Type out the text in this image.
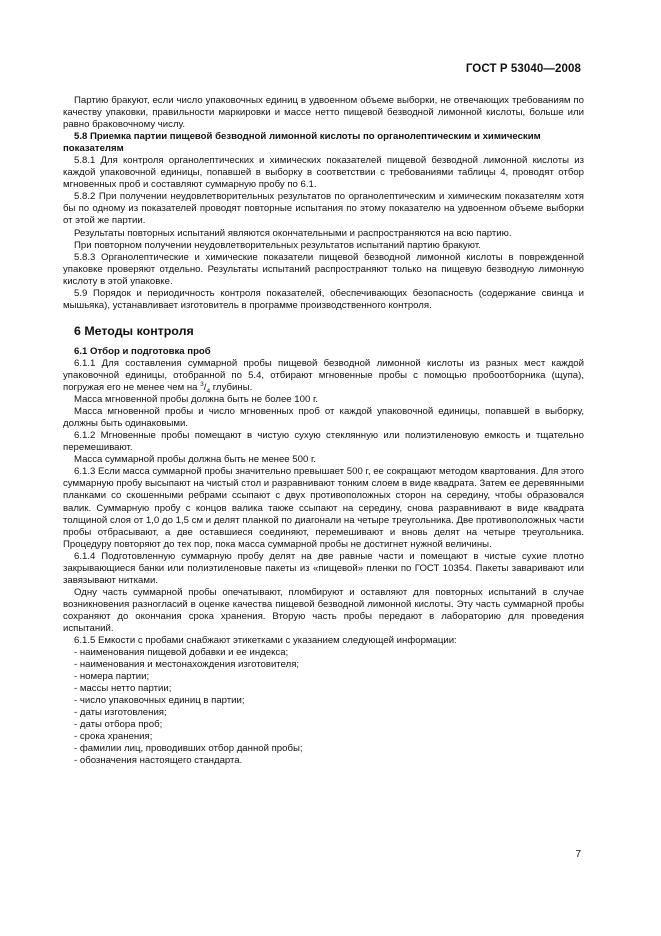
ГОСТ Р 53040—2008

Партию бракуют, если число упаковочных единиц в удвоенном объеме выборки, не отвечающих требованиям по качеству упаковки, правильности маркировки и массе нетто пищевой безводной лимонной кислоты, больше или равно браковочному числу.

5.8 Приемка партии пищевой безводной лимонной кислоты по органолептическим и химическим показателям

5.8.1 Для контроля органолептических и химических показателей пищевой безводной лимонной кислоты из каждой упаковочной единицы, попавшей в выборку в соответствии с требованиями таблицы 4, проводят отбор мгновенных проб и составляют суммарную пробу по 6.1.

5.8.2 При получении неудовлетворительных результатов по органолептическим и химическим показателям хотя бы по одному из показателей проводят повторные испытания по этому показателю на удвоенном объеме выборки от этой же партии.

Результаты повторных испытаний являются окончательными и распространяются на всю партию.

При повторном получении неудовлетворительных результатов испытаний партию бракуют.

5.8.3 Органолептические и химические показатели пищевой безводной лимонной кислоты в поврежденной упаковке проверяют отдельно. Результаты испытаний распространяют только на пищевую безводную лимонную кислоту в этой упаковке.

5.9 Порядок и периодичность контроля показателей, обеспечивающих безопасность (содержание свинца и мышьяка), устанавливает изготовитель в программе производственного контроля.

6 Методы контроля

6.1 Отбор и подготовка проб

6.1.1 Для составления суммарной пробы пищевой безводной лимонной кислоты из разных мест каждой упаковочной единицы, отобранной по 5.4, отбирают мгновенные пробы с помощью пробоотборника (щупа), погружая его не менее чем на $^3/_4$ глубины.

Масса мгновенной пробы должна быть не более 100 г.

Масса мгновенной пробы и число мгновенных проб от каждой упаковочной единицы, попавшей в выборку, должны быть одинаковыми.

6.1.2 Мгновенные пробы помещают в чистую сухую стеклянную или полиэтиленовую емкость и тщательно перемешивают.

Масса суммарной пробы должна быть не менее 500 г.

6.1.3 Если масса суммарной пробы значительно превышает 500 г, ее сокращают методом квартования. Для этого суммарную пробу высыпают на чистый стол и разравнивают тонким слоем в виде квадрата. Затем ее деревянными планками со скошенными ребрами ссыпают с двух противоположных сторон на середину, чтобы образовался валик. Суммарную пробу с концов валика также ссыпают на середину, снова разравнивают в виде квадрата толщиной слоя от 1,0 до 1,5 см и делят планкой по диагонали на четыре треугольника. Две противоположных части пробы отбрасывают, а две оставшиеся соединяют, перемешивают и вновь делят на четыре треугольника. Процедуру повторяют до тех пор, пока масса суммарной пробы не достигнет нужной величины.

6.1.4 Подготовленную суммарную пробу делят на две равные части и помещают в чистые сухие плотно закрывающиеся банки или полиэтиленовые пакеты из «пищевой» пленки по ГОСТ 10354. Пакеты заваривают или завязывают нитками.

Одну часть суммарной пробы опечатывают, пломбируют и оставляют для повторных испытаний в случае возникновения разногласий в оценке качества пищевой безводной лимонной кислоты. Эту часть суммарной пробы сохраняют до окончания срока хранения. Вторую часть пробы передают в лабораторию для проведения испытаний.

6.1.5 Емкости с пробами снабжают этикетками с указанием следующей информации:

- наименования пищевой добавки и ее индекса;
- наименования и местонахождения изготовителя;
- номера партии;
- массы нетто партии;
- число упаковочных единиц в партии;
- даты изготовления;
- даты отбора проб;
- срока хранения;
- фамилии лиц, проводивших отбор данной пробы;
- обозначения настоящего стандарта.
7
